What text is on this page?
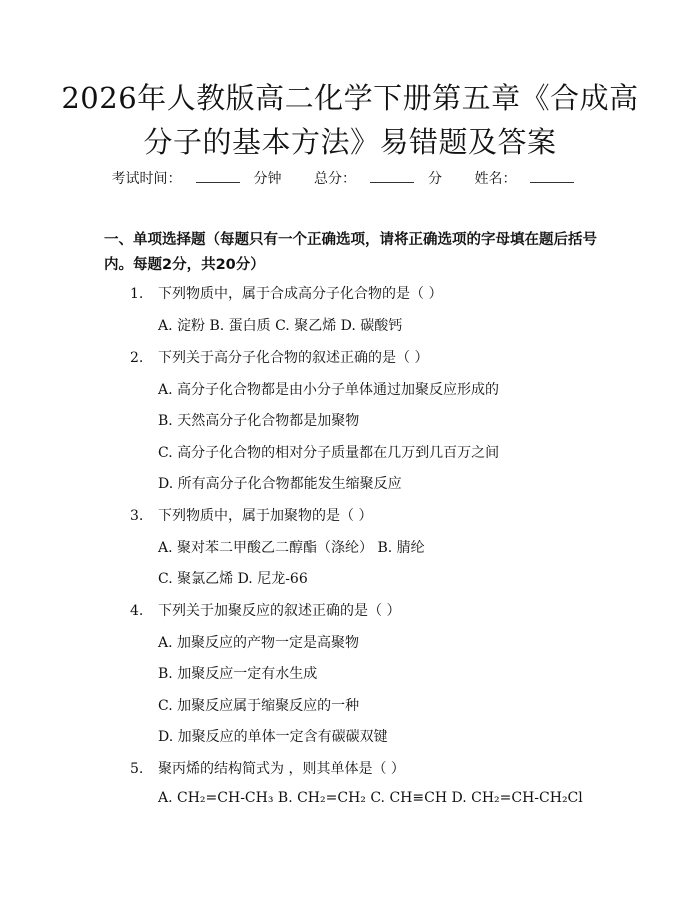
2026年人教版高二化学下册第五章《合成高
分子的基本方法》易错题及答案
考试时间：	分钟 总分：	分 姓名：
一、单项选择题（每题只有一个正确选项，请将正确选项的字母填在题后括号内。每题2分，共20分）
1. 下列物质中，属于合成高分子化合物的是（ ）
A. 淀粉 B. 蛋白质 C. 聚乙烯 D. 碳酸钙
2. 下列关于高分子化合物的叙述正确的是（ ）
A. 高分子化合物都是由小分子单体通过加聚反应形成的
B. 天然高分子化合物都是加聚物
C. 高分子化合物的相对分子质量都在几万到几百万之间
D. 所有高分子化合物都能发生缩聚反应
3. 下列物质中，属于加聚物的是（ ）
A. 聚对苯二甲酸乙二醇酯（涤纶） B. 腈纶
C. 聚氯乙烯 D. 尼龙-66
4. 下列关于加聚反应的叙述正确的是（ ）
A. 加聚反应的产物一定是高聚物
B. 加聚反应一定有水生成
C. 加聚反应属于缩聚反应的一种
D. 加聚反应的单体一定含有碳碳双键
5. 聚丙烯的结构简式为 ，则其单体是（ ）
A. CH₂=CH-CH₃ B. CH₂=CH₂ C. CH≡CH D. CH₂=CH-CH₂Cl
